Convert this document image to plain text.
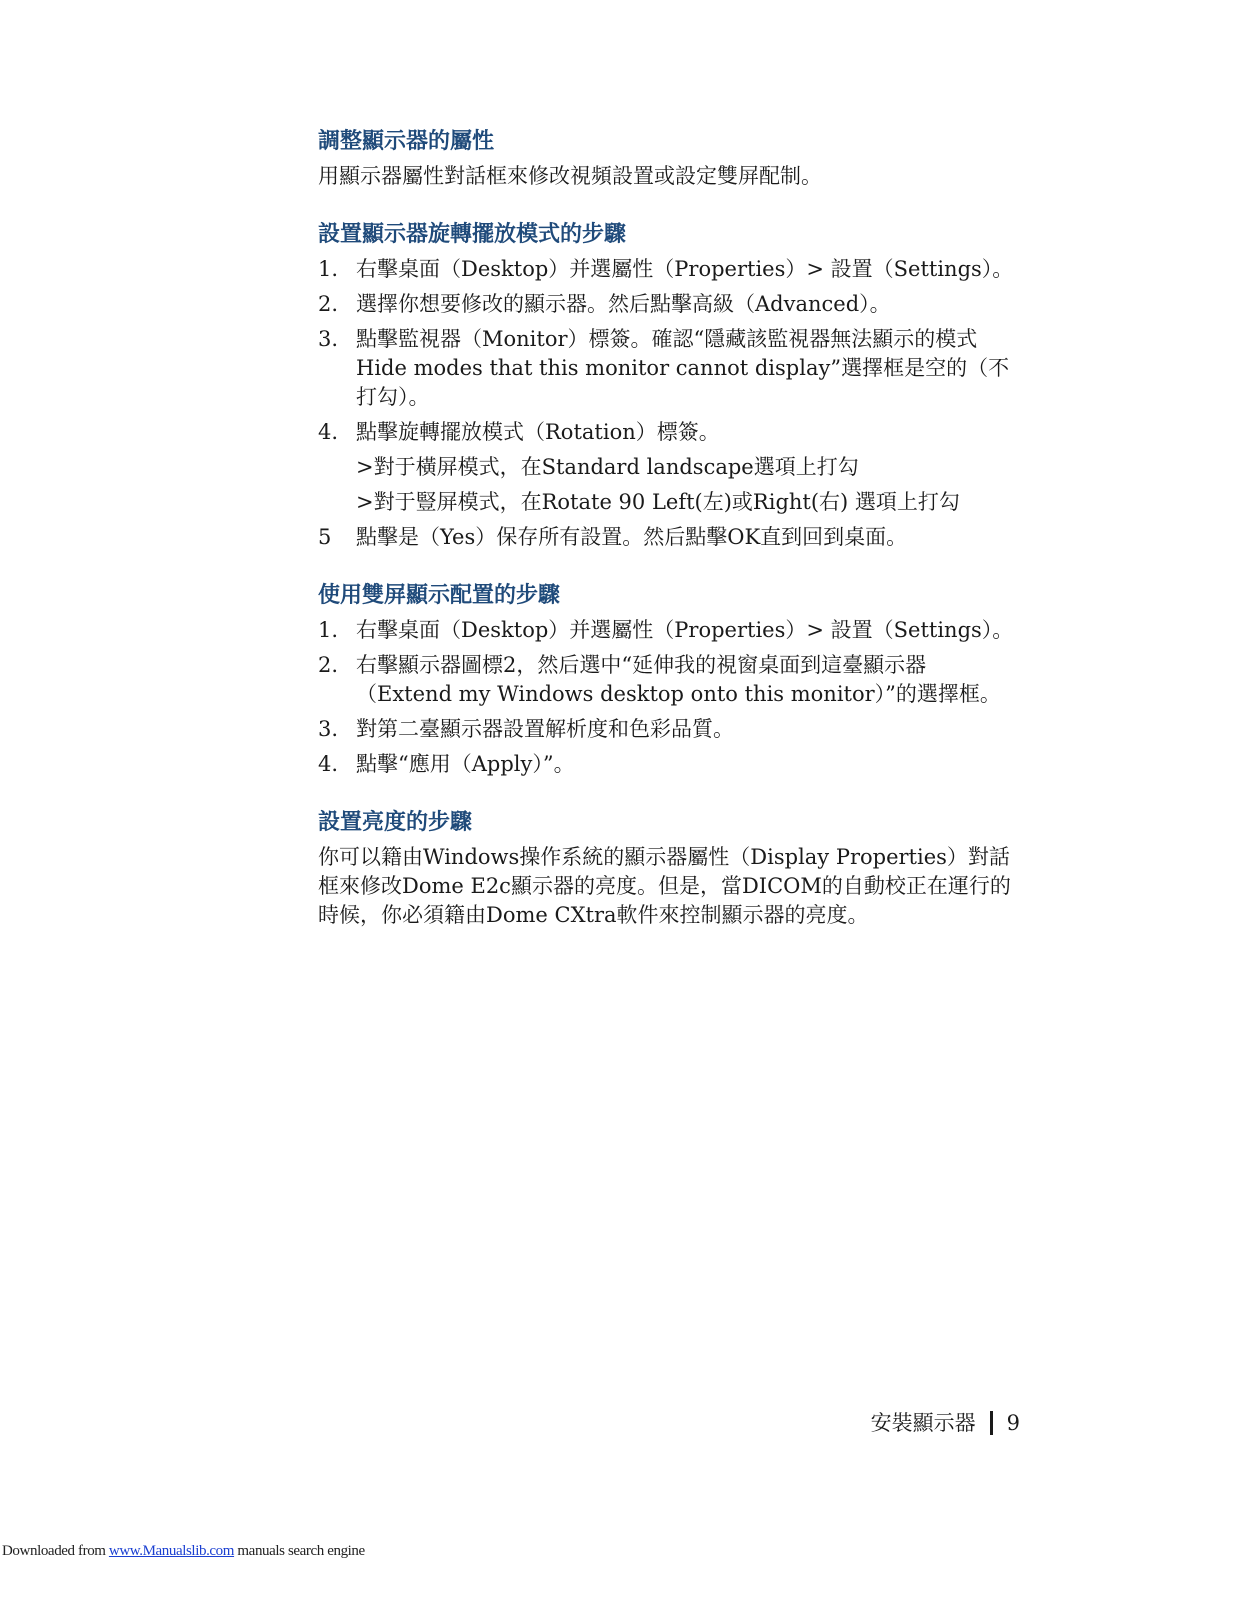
調整顯示器的屬性

用顯示器屬性對話框來修改視頻設置或設定雙屏配制。

設置顯示器旋轉擺放模式的步驟
1. 右擊桌面（Desktop）并選屬性（Properties）> 設置（Settings）。
2. 選擇你想要修改的顯示器。然后點擊高級（Advanced）。
3. 點擊監視器（Monitor）標簽。確認“隱藏該監視器無法顯示的模式Hide modes that this monitor cannot display”選擇框是空的（不打勾）。
4. 點擊旋轉擺放模式（Rotation）標簽。
>對于橫屏模式，在Standard landscape選項上打勾
>對于豎屏模式，在Rotate 90 Left(左)或Right(右) 選項上打勾
5 點擊是（Yes）保存所有設置。然后點擊OK直到回到桌面。
使用雙屏顯示配置的步驟
1. 右擊桌面（Desktop）并選屬性（Properties）> 設置（Settings）。
2. 右擊顯示器圖標2，然后選中“延伸我的視窗桌面到這臺顯示器（Extend my Windows desktop onto this monitor）”的選擇框。
3. 對第二臺顯示器設置解析度和色彩品質。
4. 點擊“應用（Apply）”。
設置亮度的步驟

你可以籍由Windows操作系統的顯示器屬性（Display Properties）對話框來修改Dome E2c顯示器的亮度。但是，當DICOM的自動校正在運行的時候，你必須籍由Dome CXtra軟件來控制顯示器的亮度。

安裝顯示器 9
Downloaded from www.Manualslib.com manuals search engine
